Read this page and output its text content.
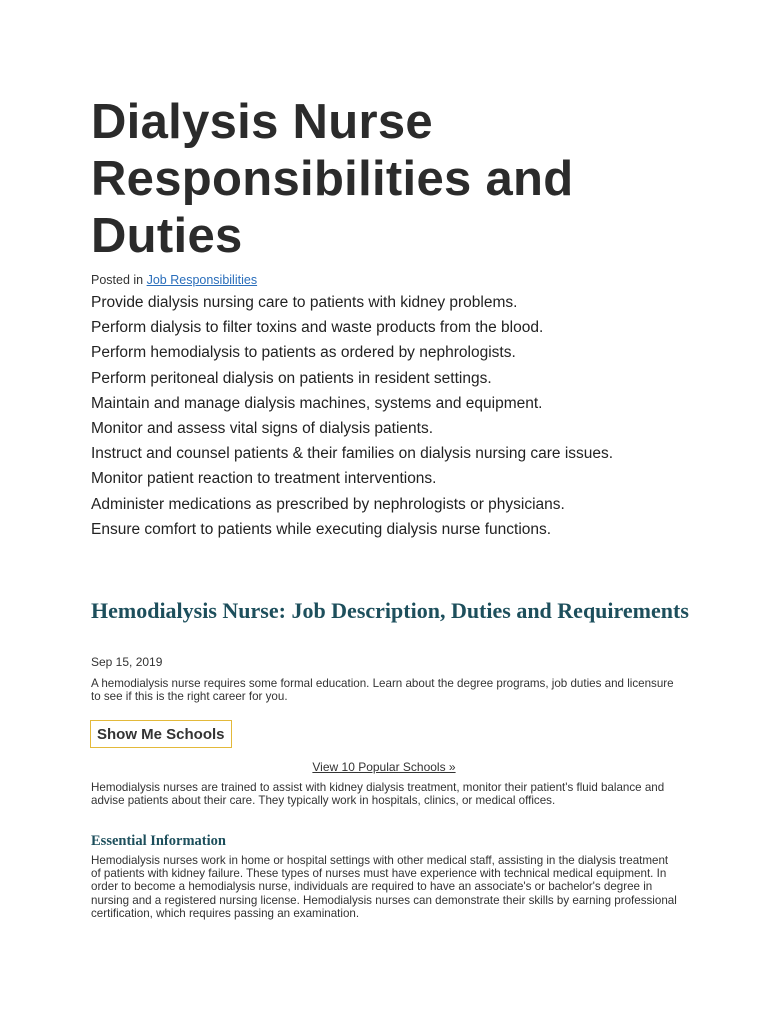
Dialysis Nurse Responsibilities and Duties
Posted in Job Responsibilities
Provide dialysis nursing care to patients with kidney problems.
Perform dialysis to filter toxins and waste products from the blood.
Perform hemodialysis to patients as ordered by nephrologists.
Perform peritoneal dialysis on patients in resident settings.
Maintain and manage dialysis machines, systems and equipment.
Monitor and assess vital signs of dialysis patients.
Instruct and counsel patients & their families on dialysis nursing care issues.
Monitor patient reaction to treatment interventions.
Administer medications as prescribed by nephrologists or physicians.
Ensure comfort to patients while executing dialysis nurse functions.
Hemodialysis Nurse: Job Description, Duties and Requirements
Sep 15, 2019

A hemodialysis nurse requires some formal education. Learn about the degree programs, job duties and licensure to see if this is the right career for you.

Show Me Schools
View 10 Popular Schools »

Hemodialysis nurses are trained to assist with kidney dialysis treatment, monitor their patient's fluid balance and advise patients about their care. They typically work in hospitals, clinics, or medical offices.

Essential Information

Hemodialysis nurses work in home or hospital settings with other medical staff, assisting in the dialysis treatment of patients with kidney failure. These types of nurses must have experience with technical medical equipment. In order to become a hemodialysis nurse, individuals are required to have an associate's or bachelor's degree in nursing and a registered nursing license. Hemodialysis nurses can demonstrate their skills by earning professional certification, which requires passing an examination.
